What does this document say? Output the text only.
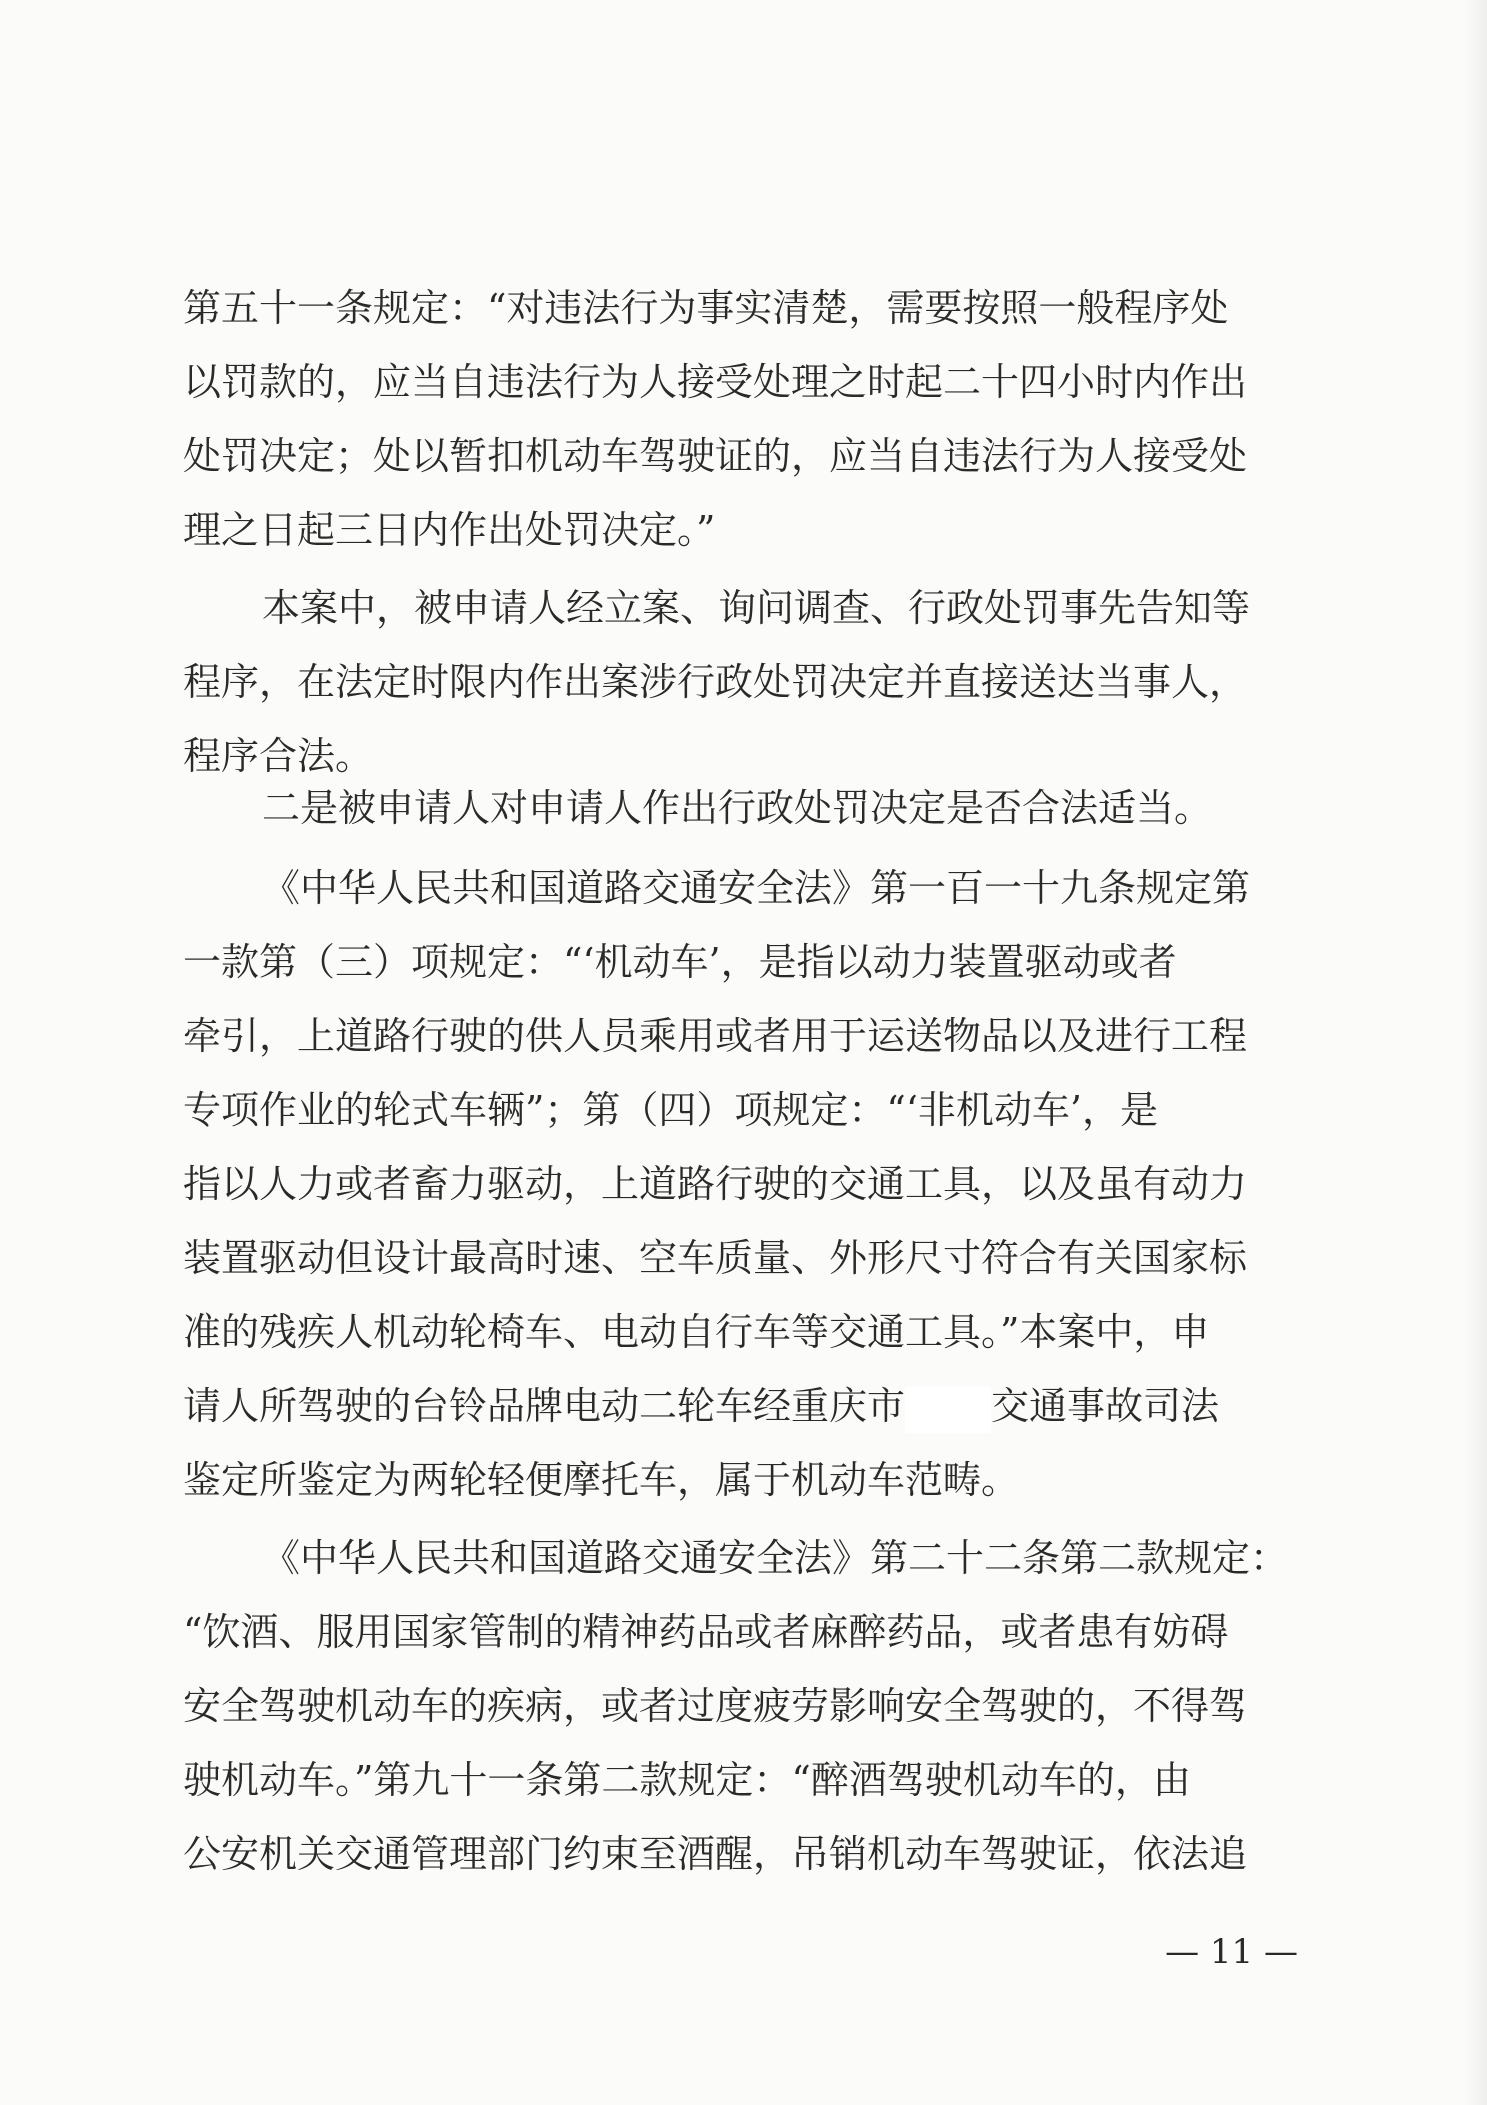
第五十一条规定：“对违法行为事实清楚，需要按照一般程序处
以罚款的，应当自违法行为人接受处理之时起二十四小时内作出
处罚决定；处以暂扣机动车驾驶证的，应当自违法行为人接受处
理之日起三日内作出处罚决定。”
本案中，被申请人经立案、询问调查、行政处罚事先告知等
程序，在法定时限内作出案涉行政处罚决定并直接送达当事人，
程序合法。
二是被申请人对申请人作出行政处罚决定是否合法适当。
《中华人民共和国道路交通安全法》第一百一十九条规定第
一款第（三）项规定：“‘机动车’，是指以动力装置驱动或者
牵引，上道路行驶的供人员乘用或者用于运送物品以及进行工程
专项作业的轮式车辆”；第（四）项规定：“‘非机动车’，是
指以人力或者畜力驱动，上道路行驶的交通工具，以及虽有动力
装置驱动但设计最高时速、空车质量、外形尺寸符合有关国家标
准的残疾人机动轮椅车、电动自行车等交通工具。”本案中，申
请人所驾驶的台铃品牌电动二轮车经重庆市 交通事故司法
鉴定所鉴定为两轮轻便摩托车，属于机动车范畴。
《中华人民共和国道路交通安全法》第二十二条第二款规定：
“饮酒、服用国家管制的精神药品或者麻醉药品，或者患有妨碍
安全驾驶机动车的疾病，或者过度疲劳影响安全驾驶的，不得驾
驶机动车。”第九十一条第二款规定：“醉酒驾驶机动车的，由
公安机关交通管理部门约束至酒醒，吊销机动车驾驶证，依法追
— 11 —
